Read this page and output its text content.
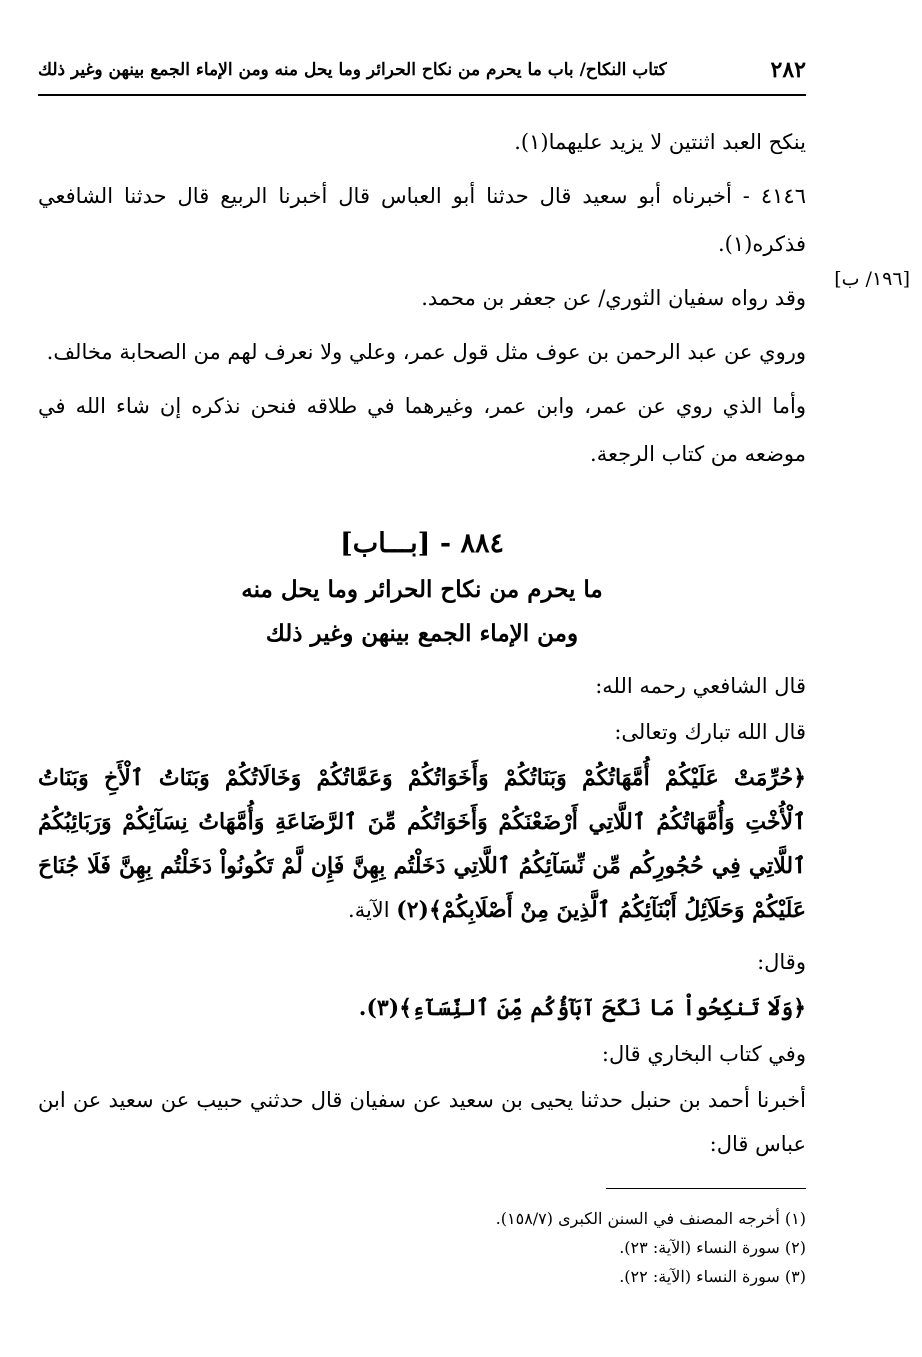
٢٨٢
كتاب النكاح/ باب ما يحرم من نكاح الحرائر وما يحل منه ومن الإماء الجمع بينهن وغير ذلك
[١٩٦/ ب]

ينكح العبد اثنتين لا يزيد عليهما(١).

٤١٤٦ - أخبرناه أبو سعيد قال حدثنا أبو العباس قال أخبرنا الربيع قال حدثنا الشافعي فذكره(١).

وقد رواه سفيان الثوري/ عن جعفر بن محمد.

وروي عن عبد الرحمن بن عوف مثل قول عمر، وعلي ولا نعرف لهم من الصحابة مخالف.

وأما الذي روي عن عمر، وابن عمر، وغيرهما في طلاقه فنحن نذكره إن شاء الله في موضعه من كتاب الرجعة.

٨٨٤ - [بـــاب]
ما يحرم من نكاح الحرائر وما يحل منه
ومن الإماء الجمع بينهن وغير ذلك

قال الشافعي رحمه الله:

قال الله تبارك وتعالى:

﴿حُرِّمَتْ عَلَيْكُمْ أُمَّهَاتُكُمْ وَبَنَاتُكُمْ وَأَخَوَاتُكُمْ وَعَمَّاتُكُمْ وَخَالَاتُكُمْ وَبَنَاتُ ٱلْأَخِ وَبَنَاتُ ٱلْأُخْتِ وَأُمَّهَاتُكُمُ ٱللَّاتِي أَرْضَعْنَكُمْ وَأَخَوَاتُكُم مِّنَ ٱلرَّضَاعَةِ وَأُمَّهَاتُ نِسَآئِكُمْ وَرَبَائِبُكُمُ ٱللَّاتِي فِي حُجُورِكُم مِّن نِّسَآئِكُمُ ٱللَّاتِي دَخَلْتُم بِهِنَّ فَإِن لَّمْ تَكُونُواْ دَخَلْتُم بِهِنَّ فَلَا جُنَاحَ عَلَيْكُمْ وَحَلَآئِلُ أَبْنَآئِكُمُ ٱلَّذِينَ مِنْ أَصْلَابِكُمْ﴾(٢) الآية.

وقال:

﴿وَلَا تَنكِحُواْ مَا نَكَحَ آبَآؤُكُم مِّنَ ٱلنِّسَآءِ﴾(٣).

وفي كتاب البخاري قال:

أخبرنا أحمد بن حنبل حدثنا يحيى بن سعيد عن سفيان قال حدثني حبيب عن سعيد عن ابن عباس قال:

(١) أخرجه المصنف في السنن الكبرى (١٥٨/٧).
(٢) سورة النساء (الآية: ٢٣).
(٣) سورة النساء (الآية: ٢٢).
